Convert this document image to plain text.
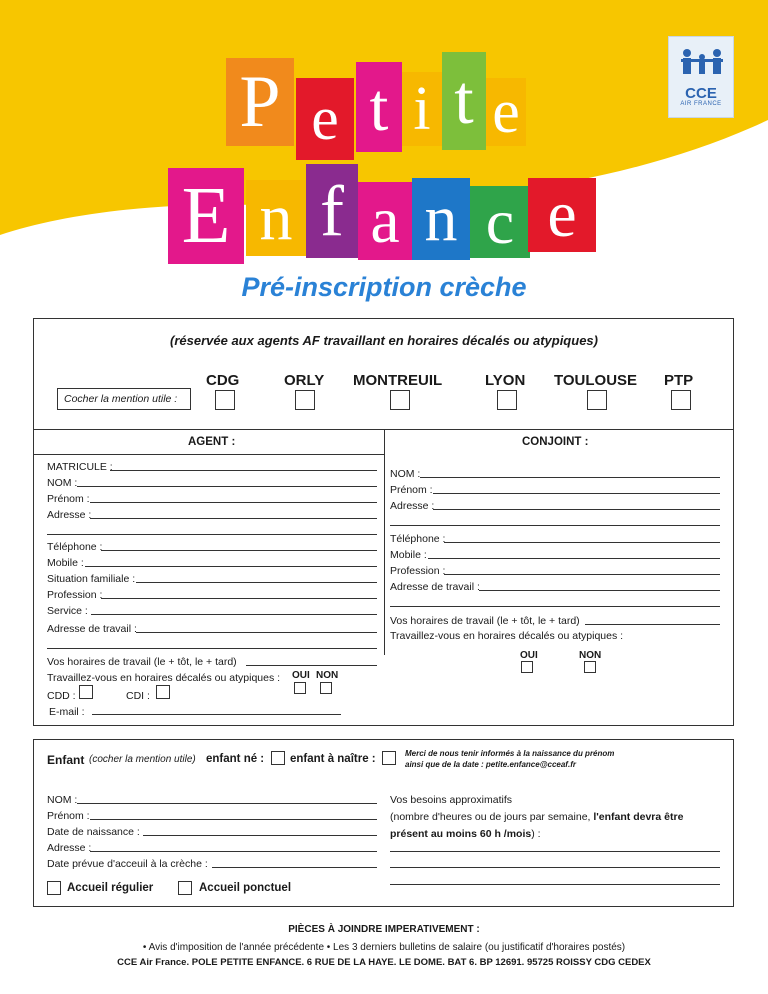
P e t i t e
E n f a n c e
CCE
AIR FRANCE
Pré-inscription crèche
(réservée aux agents AF travaillant en horaires décalés ou atypiques)
CDG	ORLY MONTREUIL	LYON TOULOUSE PTP
Cocher la mention utile :
AGENT :	CONJOINT :
MATRICULE :
NOM :
Prénom :
Adresse :
Téléphone :
Mobile :
Situation familiale :
Profession :
Service :
Adresse de travail :
Vos horaires de travail (le + tôt, le + tard)
Travaillez-vous en horaires décalés ou atypiques : OUI NON
CDD :	CDI :
E-mail :
NOM :
Prénom :
Adresse :
Téléphone :
Mobile :
Profession :
Adresse de travail :
Vos horaires de travail (le + tôt, le + tard)
Travaillez-vous en horaires décalés ou atypiques :
OUI	NON
Enfant (cocher la mention utile) enfant né : enfant à naître :	Merci de nous tenir informés à la naissance du prénom
ainsi que de la date : petite.enfance@cceaf.fr
NOM :
Prénom :
Date de naissance :
Adresse :
Date prévue d'acceuil à la crèche :
Accueil régulier	Accueil ponctuel
Vos besoins approximatifs
(nombre d'heures ou de jours par semaine, l'enfant devra être
présent au moins 60 h /mois) :
PIÈCES À JOINDRE IMPERATIVEMENT :
• Avis d'imposition de l'année précédente • Les 3 derniers bulletins de salaire (ou justificatif d'horaires postés)
CCE Air France. POLE PETITE ENFANCE. 6 RUE DE LA HAYE. LE DOME. BAT 6. BP 12691. 95725 ROISSY CDG CEDEX
